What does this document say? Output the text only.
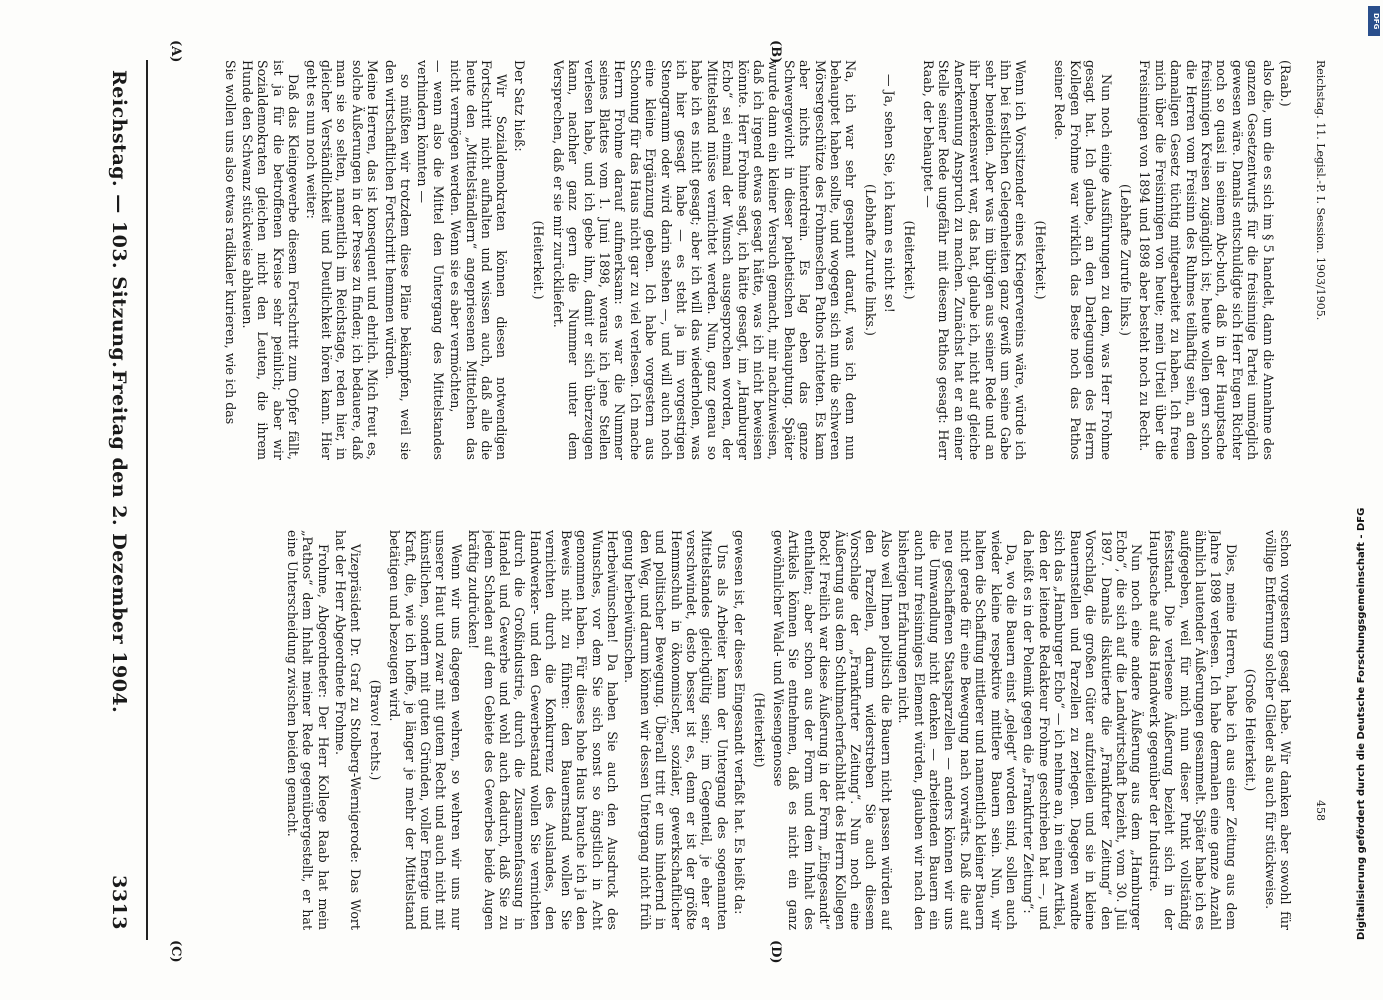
Reichstag. — 103. Sitzung.
Freitag den 2. Dezember 1904.
3313
(A)	(B)
(C)	(D)

(Raab.)

also die, um die es sich im § 5 handelt, dann die Annahme des ganzen Gesetzentwurfs für die freisinnige Partei unmöglich gewesen wäre. Damals entschuldigte sich Herr Eugen Richter noch so quasi in seinem Abc-buch, daß in der Hauptsache freisinnigen Kreisen zugänglich ist; heute wollen gern schon die Herren vom Freisinn des Ruhmes teilhaftig sein, an dem damaligen Gesetz tüchtig mitgearbeitet zu haben. Ich freue mich über die Freisinnigen von heute; mein Urteil über die Freisinnigen von 1894 und 1898 aber besteht noch zu Recht.

(Lebhafte Zurufe links.)

Nun noch einige Ausführungen zu dem, was Herr Frohme gesagt hat. Ich glaube, an den Darlegungen des Herrn Kollegen Frohme war wirklich das Beste noch das Pathos seiner Rede.

(Heiterkeit.)

Wenn ich Vorsitzender eines Kriegervereins wäre, würde ich ihn bei festlichen Gelegenheiten ganz gewiß um seine Gabe sehr beneiden. Aber was im übrigen aus seiner Rede und an ihr bemerkenswert war, das hat, glaube ich, nicht auf gleiche Anerkennung Anspruch zu machen. Zunächst hat er an einer Stelle seiner Rede ungefähr mit diesem Pathos gesagt: Herr Raab, der behauptet —

(Heiterkeit.)

— Ja, sehen Sie, ich kann es nicht so!

(Lebhafte Zurufe links.)

Na, ich war sehr gespannt darauf, was ich denn nun behauptet haben sollte, und wogegen sich nun die schweren Mörsergeschütze des Frohmeschen Pathos richteten. Es kam aber nichts hinterdrein. Es lag eben das ganze Schwergewicht in dieser pathetischen Behauptung. Später wurde dann ein kleiner Versuch gemacht, mir nachzuweisen, daß ich irgend etwas gesagt hätte, was ich nicht beweisen könnte. Herr Frohme sagt, ich hätte gesagt, im „Hamburger Echo“ sei einmal der Wunsch ausgesprochen worden, der Mittelstand müsse vernichtet werden. Nun, ganz genau so habe ich es nicht gesagt; aber ich will das wiederholen, was ich hier gesagt habe — es steht ja im vorgestrigen Stenogramm oder wird darin stehen —, und will auch noch eine kleine Ergänzung geben. Ich habe vorgestern aus Schonung für das Haus nicht gar zu viel verlesen. Ich mache Herrn Frohme darauf aufmerksam: es war die Nummer seines Blattes vom 1. Juni 1898, woraus ich jene Stellen verlesen habe, und ich gebe ihm, damit er sich überzeugen kann, nachher ganz gern die Nummer unter dem Versprechen, daß er sie mir zurückliefert.

(Heiterkeit.)

Der Satz hieß:

Wir Sozialdemokraten können diesen notwendigen Fortschritt nicht aufhalten und wissen auch, daß alle die heute den „Mittelständlern“ angepriesenen Mittelchen das nicht vermögen werden. Wenn sie es aber vermöchten,

— wenn also die Mittel den Untergang des Mittelstandes verhindern könnten —

so müßten wir trotzdem diese Pläne bekämpfen, weil sie den wirtschaftlichen Fortschritt hemmen würden.

Meine Herren, das ist konsequent und ehrlich. Mich freut es, solche Äußerungen in der Presse zu finden; ich bedauere, daß man sie so selten, namentlich im Reichstage, reden hier, in gleicher Verständlichkeit und Deutlichkeit hören kann. Hier geht es nun noch weiter:

Daß das Kleingewerbe diesem Fortschritt zum Opfer fällt, ist ja für die betroffenen Kreise sehr peinlich; aber wir Sozialdemokraten gleichen nicht den Leuten, die ihrem Hunde den Schwanz stückweise abhauen.

Sie wollen uns also etwas radikaler kurieren, wie ich das

schon vorgestern gesagt habe. Wir danken aber sowohl für völlige Entfernung solcher Glieder als auch für stückweise.

(Große Heiterkeit.)

Dies, meine Herren, habe ich aus einer Zeitung aus dem Jahre 1898 verlesen. Ich habe dermalen eine ganze Anzahl ähnlich lautender Äußerungen gesammelt. Später habe ich es aufgegeben, weil für mich nun dieser Punkt vollständig feststand. Die verlesene Äußerung bezieht sich in der Hauptsache auf das Handwerk gegenüber der Industrie.

Nun noch eine andere Äußerung aus dem „Hamburger Echo“, die sich auf die Landwirtschaft bezieht, vom 30. Juli 1897. Damals diskutierte die „Frankfurter Zeitung“ den Vorschlag, die großen Güter aufzuteilen und sie in kleine Bauernstellen und Parzellen zu zerlegen. Dagegen wandte sich das „Hamburger Echo“ — ich nehme an, in einem Artikel, den der leitende Redakteur Frohme geschrieben hat —, und da heißt es in der Polemik gegen die „Frankfurter Zeitung“:

Da, wo die Bauern einst „gelegt“ worden sind, sollen auch wieder kleine respektive mittlere Bauern sein. Nun, wir halten die Schaffung mittlerer und namentlich kleiner Bauern nicht gerade für eine Bewegung nach vorwärts. Daß die auf neu geschaffenen Staatsparzellen — anders können wir uns die Umwandlung nicht denken — arbeitenden Bauern ein auch nur freisinniges Element würden, glauben wir nach den bisherigen Erfahrungen nicht.

Also weil Ihnen politisch die Bauern nicht passen würden auf den Parzellen, darum widerstreben Sie auch diesem Vorschlage der „Frankfurter Zeitung“. Nun noch eine Äußerung aus dem Schuhmacherfachblatt des Herrn Kollegen Bock! Freilich war diese Äußerung in der Form „Eingesandt“ enthalten; aber schon aus der Form und dem Inhalt des Artikels können Sie entnehmen, daß es nicht ein ganz gewöhnlicher Wald- und Wiesengenosse

(Heiterkeit)

gewesen ist, der dieses Eingesandt verfaßt hat. Es heißt da:

Uns als Arbeiter kann der Untergang des sogenannten Mittelstandes gleichgültig sein; im Gegenteil, je eher er verschwindet, desto besser ist es, denn er ist der größte Hemmschuh in ökonomischer, sozialer, gewerkschaftlicher und politischer Bewegung. Überall tritt er uns hindernd in den Weg, und darum können wir dessen Untergang nicht früh genug herbeiwünschen.

Herbeiwünschen! Da haben Sie auch den Ausdruck des Wunsches, vor dem Sie sich sonst so ängstlich in Acht genommen haben. Für dieses hohe Haus brauche ich ja den Beweis nicht zu führen: den Bauernstand wollen Sie vernichten durch die Konkurrenz des Auslandes, den Handwerker- und den Gewerbestand wollen Sie vernichten durch die Großindustrie, durch die Zusammenfassung in Handel und Gewerbe und wohl auch dadurch, daß Sie zu jedem Schaden auf dem Gebiete des Gewerbes beide Augen kräftig zudrücken!

Wenn wir uns dagegen wehren, so wehren wir uns nur unserer Haut und zwar mit gutem Recht und auch nicht mit künstlichen, sondern mit guten Gründen, voller Energie und Kraft, die, wie ich hoffe, je länger je mehr der Mittelstand betätigen und bezeugen wird.

(Bravo! rechts.)

Vizepräsident Dr. Graf zu Stolberg-Wernigerode: Das Wort hat der Herr Abgeordnete Frohme.

Frohme, Abgeordneter: Der Herr Kollege Raab hat mein „Pathos“ dem Inhalt meiner Rede gegenübergestellt, er hat eine Unterscheidung zwischen beiden gemacht.

Reichstag. 11. Legisl.-P. I. Session. 1903/1905.
458	Digitalisierung gefördert durch die Deutsche Forschungsgemeinschaft - DFG
DFG
